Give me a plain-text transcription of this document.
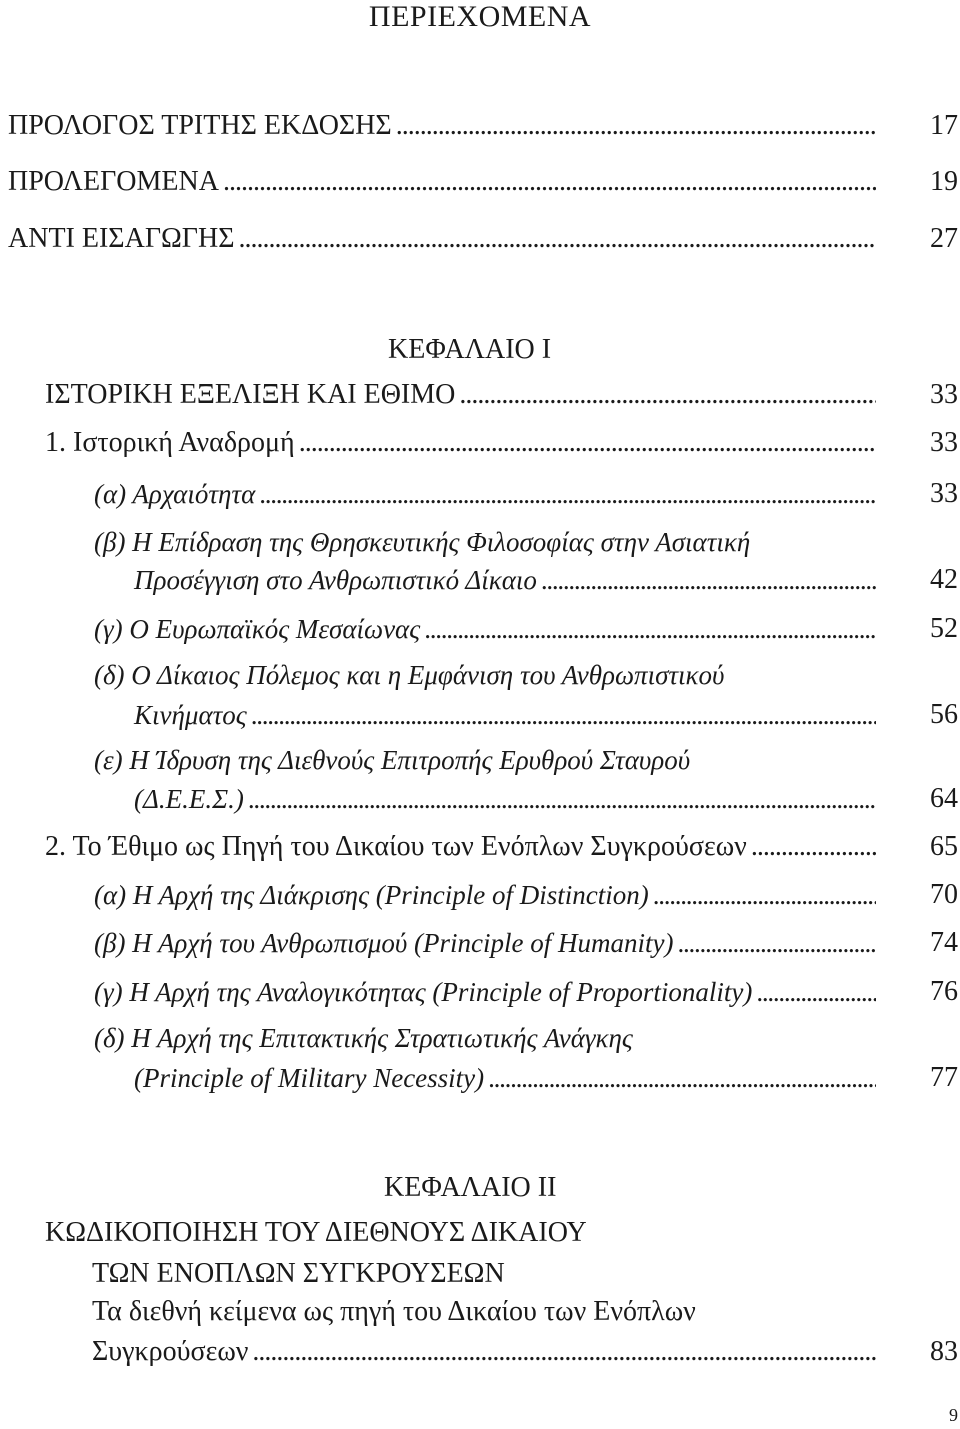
ΠΕΡΙΕΧΟΜΕΝΑ
ΠΡΟΛΟΓΟΣ ΤΡΙΤΗΣ ΕΚΔΟΣΗΣ . . .	17
ΠΡΟΛΕΓΟΜΕΝΑ . . .	19
ΑΝΤΙ ΕΙΣΑΓΩΓΗΣ . . .	27
ΚΕΦΑΛΑΙΟ Ι
ΙΣΤΟΡΙΚΗ ΕΞΕΛΙΞΗ ΚΑΙ ΕΘΙΜΟ . . .	33
1. Ιστορική Αναδρομή . . .	33
(α) Αρχαιότητα . . .	33
(β) Η Επίδραση της Θρησκευτικής Φιλοσοφίας στην Ασιατική
Προσέγγιση στο Ανθρωπιστικό Δίκαιο . . .	42
(γ) Ο Ευρωπαϊκός Μεσαίωνας . . .	52
(δ) Ο Δίκαιος Πόλεμος και η Εμφάνιση του Ανθρωπιστικού
Κινήματος . . .	56
(ε) Η Ίδρυση της Διεθνούς Επιτροπής Ερυθρού Σταυρού
(Δ.Ε.Ε.Σ.) . . .	64
2. Το Έθιμο ως Πηγή του Δικαίου των Ενόπλων Συγκρούσεων . . .	65
(α) Η Αρχή της Διάκρισης (Principle of Distinction) . . .	70
(β) Η Αρχή του Ανθρωπισμού (Principle of Humanity) . . .	74
(γ) Η Αρχή της Αναλογικότητας (Principle of Proportionality) . . .	76
(δ) Η Αρχή της Επιτακτικής Στρατιωτικής Ανάγκης
(Principle of Military Necessity) . . .	77
ΚΕΦΑΛΑΙΟ ΙΙ
ΚΩΔΙΚΟΠΟΙΗΣΗ ΤΟΥ ΔΙΕΘΝΟΥΣ ΔΙΚΑΙΟΥ
ΤΩΝ ΕΝΟΠΛΩΝ ΣΥΓΚΡΟΥΣΕΩΝ
Τα διεθνή κείμενα ως πηγή του Δικαίου των Ενόπλων
Συγκρούσεων . . .	83
9
